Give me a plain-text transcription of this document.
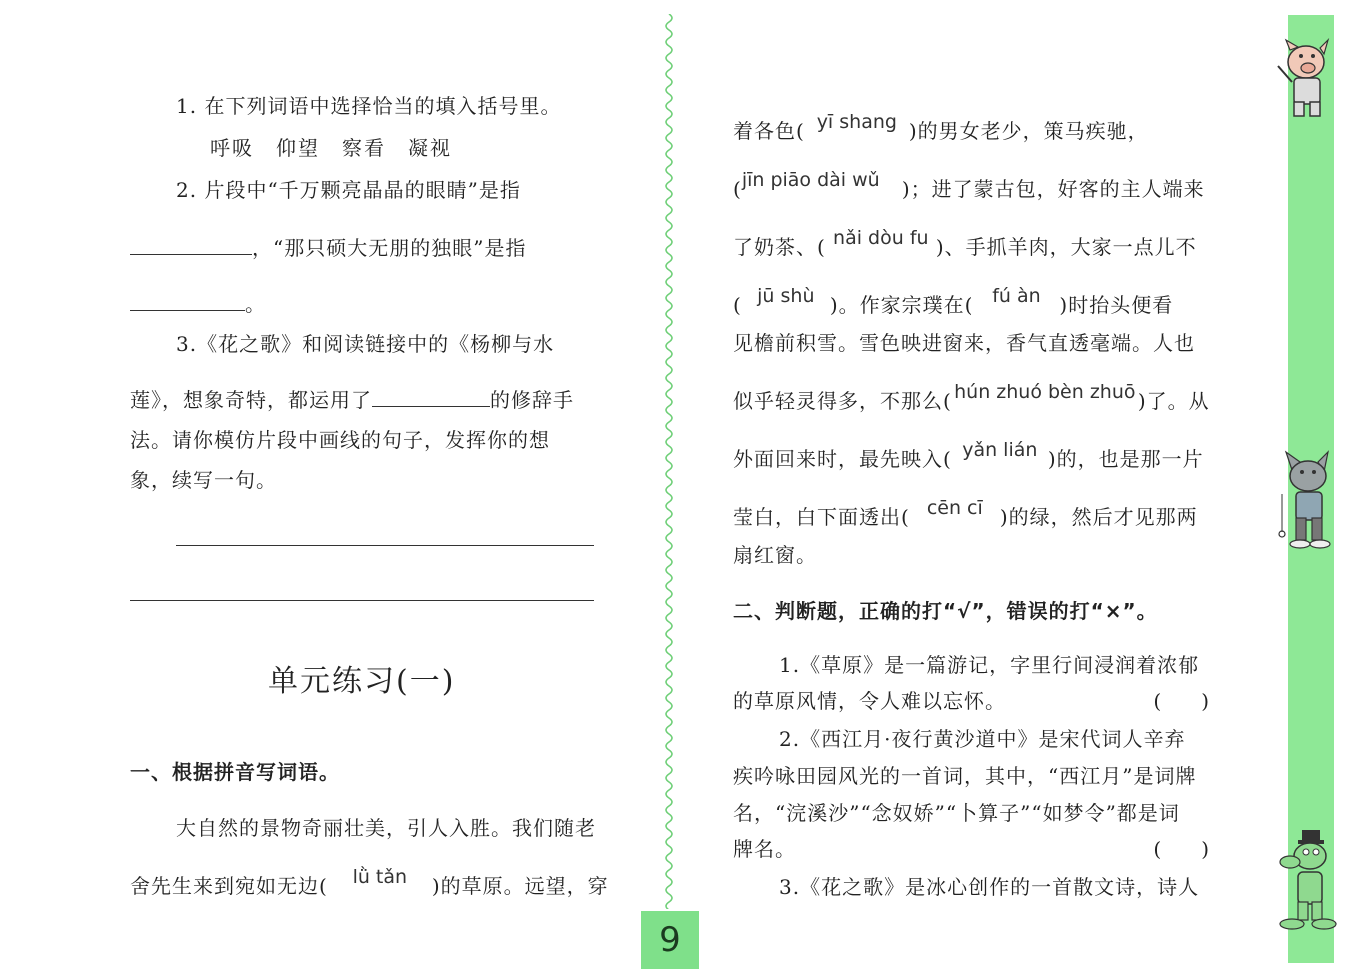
1. 在下列词语中选择恰当的填入括号里。
呼吸　仰望　察看　凝视
2. 片段中“千万颗亮晶晶的眼睛”是指
，“那只硕大无朋的独眼”是指
。
3.《花之歌》和阅读链接中的《杨柳与水
莲》，想象奇特，都运用了	的修辞手
法。请你模仿片段中画线的句子，发挥你的想
象，续写一句。
单元练习(一)
一、根据拼音写词语。
大自然的景物奇丽壮美，引人入胜。我们随老
舍先生来到宛如无边(	lǜ tǎn	)的草原。远望，穿
9
着各色( yī shang )的男女老少，策马疾驰，
( jīn piāo dài wǔ	)；进了蒙古包，好客的主人端来
了奶茶、( nǎi dòu fu )、手抓羊肉，大家一点儿不
( jū shù )。作家宗璞在( fú àn )时抬头便看
见檐前积雪。雪色映进窗来，香气直透毫端。人也
似乎轻灵得多，不那么( hún zhuó bèn zhuō )了。从
外面回来时，最先映入( yǎn lián )的，也是那一片
莹白，白下面透出( cēn cī )的绿，然后才见那两
扇红窗。
二、判断题，正确的打“√”，错误的打“×”。
1.《草原》是一篇游记，字里行间浸润着浓郁
的草原风情，令人难以忘怀。	(　　)
2.《西江月·夜行黄沙道中》是宋代词人辛弃
疾吟咏田园风光的一首词，其中，“西江月”是词牌
名，“浣溪沙”“念奴娇”“卜算子”“如梦令”都是词
牌名。	(　　)
3.《花之歌》是冰心创作的一首散文诗，诗人
